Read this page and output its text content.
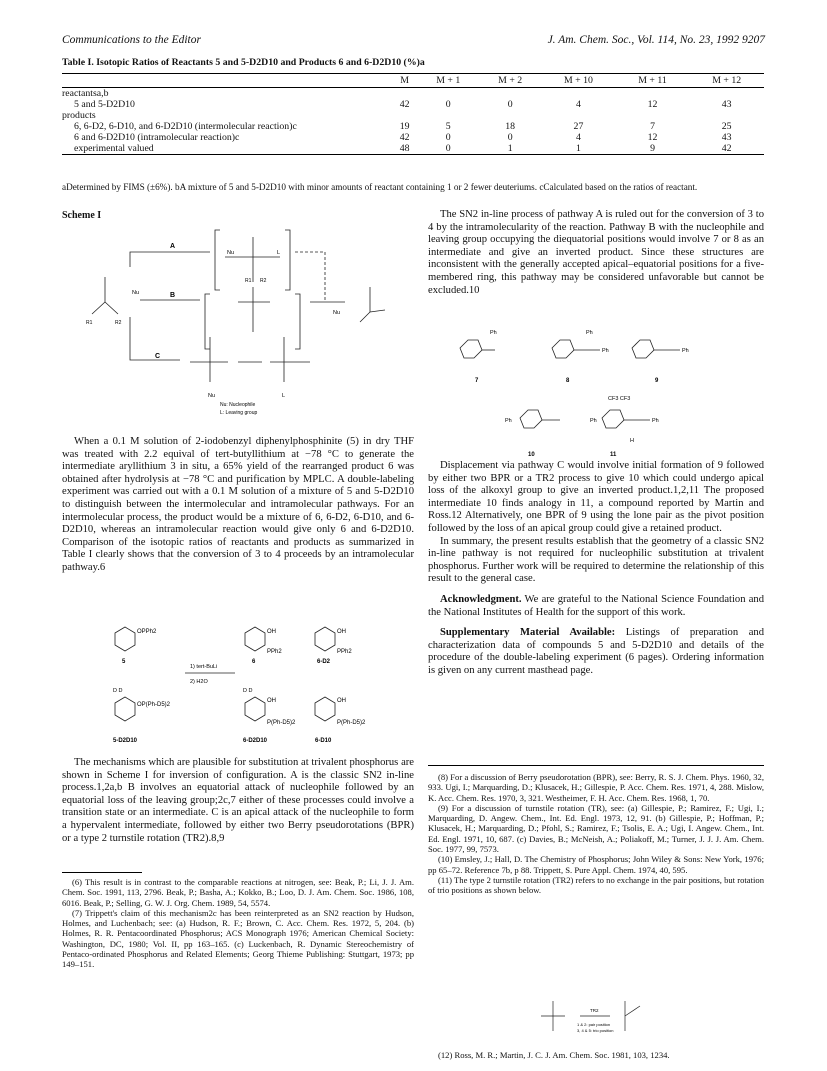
Communications to the Editor	J. Am. Chem. Soc., Vol. 114, No. 23, 1992 9207
Table I. Isotopic Ratios of Reactants 5 and 5-D2D10 and Products 6 and 6-D2D10 (%)a
	M	M + 1	M + 2	M + 10	M + 11	M + 12
reactantsa,b						
5 and 5-D2D10	42	0	0	4	12	43
products						
6, 6-D2, 6-D10, and 6-D2D10 (intermolecular reaction)c	19	5	18	27	7	25
6 and 6-D2D10 (intramolecular reaction)c	42	0	0	4	12	43
experimental valued	48	0	1	1	9	42
aDetermined by FIMS (±6%). bA mixture of 5 and 5-D2D10 with minor amounts of reactant containing 1 or 2 fewer deuteriums. cCalculated based on the ratios of reactant.
Scheme I
A
B
C
Nu
Nu	L
R1 R2
R1	R2
Nu
Nu	L
Nu: Nucleophile
L: Leaving group

When a 0.1 M solution of 2-iodobenzyl diphenylphosphinite (5) in dry THF was treated with 2.2 equival of tert-butyllithium at −78 °C to generate the intermediate aryllithium 3 in situ, a 65% yield of the rearranged product 6 was obtained after hydrolysis at −78 °C and purification by MPLC. A double-labeling experiment was carried out with a 0.1 M solution of a mixture of 5 and 5-D2D10 to distinguish between the intermolecular and intramolecular pathways. For an intermolecular process, the product would be a mixture of 6, 6-D2, 6-D10, and 6-D2D10, whereas an intramolecular reaction would give only 6 and 6-D2D10. Comparison of the isotopic ratios of reactants and products as summarized in Table I clearly shows that the conversion of 3 to 4 proceeds by an intramolecular pathway.6

OPPh2	OH	OH
PPh2	PPh2
5	6	6-D2
1) tert-BuLi
2) H2O
D D	D D
OP(Ph-D5)2
OH	OH
P(Ph-D5)2	P(Ph-D5)2
5-D2D10	6-D2D10	6-D10

The mechanisms which are plausible for substitution at trivalent phosphorus are shown in Scheme I for inversion of configuration. A is the classic SN2 in-line process.1,2a,b B involves an equatorial attack of nucleophile followed by an equatorial loss of the leaving group;2c,7 either of these processes could involve a transition state or an intermediate. C is an apical attack of the nucleophile to form a hypervalent intermediate, followed by either two Berry pseudorotations (BPR) or a type 2 turnstile rotation (TR2).8,9

(6) This result is in contrast to the comparable reactions at nitrogen, see: Beak, P.; Li, J. J. Am. Chem. Soc. 1991, 113, 2796. Beak, P.; Basha, A.; Kokko, B.; Loo, D. J. Am. Chem. Soc. 1986, 108, 6016. Beak, P.; Selling, G. W. J. Org. Chem. 1989, 54, 5574.

(7) Trippett's claim of this mechanism2c has been reinterpreted as an SN2 reaction by Hudson, Holmes, and Luchenbach; see: (a) Hudson, R. F.; Brown, C. Acc. Chem. Res. 1972, 5, 204. (b) Holmes, R. R. Pentacoordinated Phosphorus; ACS Monograph 1976; American Chemical Society: Washington, DC, 1980; Vol. II, pp 163–165. (c) Luckenbach, R. Dynamic Stereochemistry of Pentaco-ordinated Phosphorus and Related Elements; Georg Thieme Publishing: Stuttgart, 1973; pp 149–151.

The SN2 in-line process of pathway A is ruled out for the conversion of 3 to 4 by the intramolecularity of the reaction. Pathway B with the nucleophile and leaving group occupying the diequatorial positions would involve 7 or 8 as an intermediate and give an inverted product. Since these structures are inconsistent with the generally accepted apical–equatorial positions for a five-membered ring, this pathway may be considered unfavorable but cannot be excluded.10

Ph	Ph
Ph	Ph
7	8	9
CF3 CF3
Ph	Ph	Ph
H
10	11

Displacement via pathway C would involve initial formation of 9 followed by either two BPR or a TR2 process to give 10 which could undergo apical loss of the alkoxyl group to give an inverted product.1,2,11 The proposed intermediate 10 finds analogy in 11, a compound reported by Martin and Ross.12 Alternatively, one BPR of 9 using the lone pair as the pivot position followed by the loss of an apical group could give a retained product.

In summary, the present results establish that the geometry of a classic SN2 in-line pathway is not required for nucleophilic substitution at trivalent phosphorus. Further work will be required to determine the relationship of this result to the general case.

Acknowledgment. We are grateful to the National Science Foundation and the National Institutes of Health for the support of this work.

Supplementary Material Available: Listings of preparation and characterization data of compounds 5 and 5-D2D10 and details of the procedure of the double-labeling experiment (6 pages). Ordering information is given on any current masthead page.

(8) For a discussion of Berry pseudorotation (BPR), see: Berry, R. S. J. Chem. Phys. 1960, 32, 933. Ugi, I.; Marquarding, D.; Klusacek, H.; Gillespie, P. Acc. Chem. Res. 1971, 4, 288. Mislow, K. Acc. Chem. Res. 1970, 3, 321. Westheimer, F. H. Acc. Chem. Res. 1968, 1, 70.

(9) For a discussion of turnstile rotation (TR), see: (a) Gillespie, P.; Ramirez, F.; Ugi, I.; Marquarding, D. Angew. Chem., Int. Ed. Engl. 1973, 12, 91. (b) Gillespie, P.; Hoffman, P.; Klusacek, H.; Marquarding, D.; Pfohl, S.; Ramirez, F.; Tsolis, E. A.; Ugi, I. Angew. Chem., Int. Ed. Engl. 1971, 10, 687. (c) Davies, B.; McNeish, A.; Poliakoff, M.; Turner, J. J. J. Am. Chem. Soc. 1977, 99, 7573.

(10) Emsley, J.; Hall, D. The Chemistry of Phosphorus; John Wiley & Sons: New York, 1976; pp 65–72. Reference 7b, p 88. Trippett, S. Pure Appl. Chem. 1974, 40, 595.

(11) The type 2 turnstile rotation (TR2) refers to no exchange in the pair positions, but rotation of trio positions as shown below.

TR2
1 & 2: pair position
3, 4 & 5: trio position

(12) Ross, M. R.; Martin, J. C. J. Am. Chem. Soc. 1981, 103, 1234.
